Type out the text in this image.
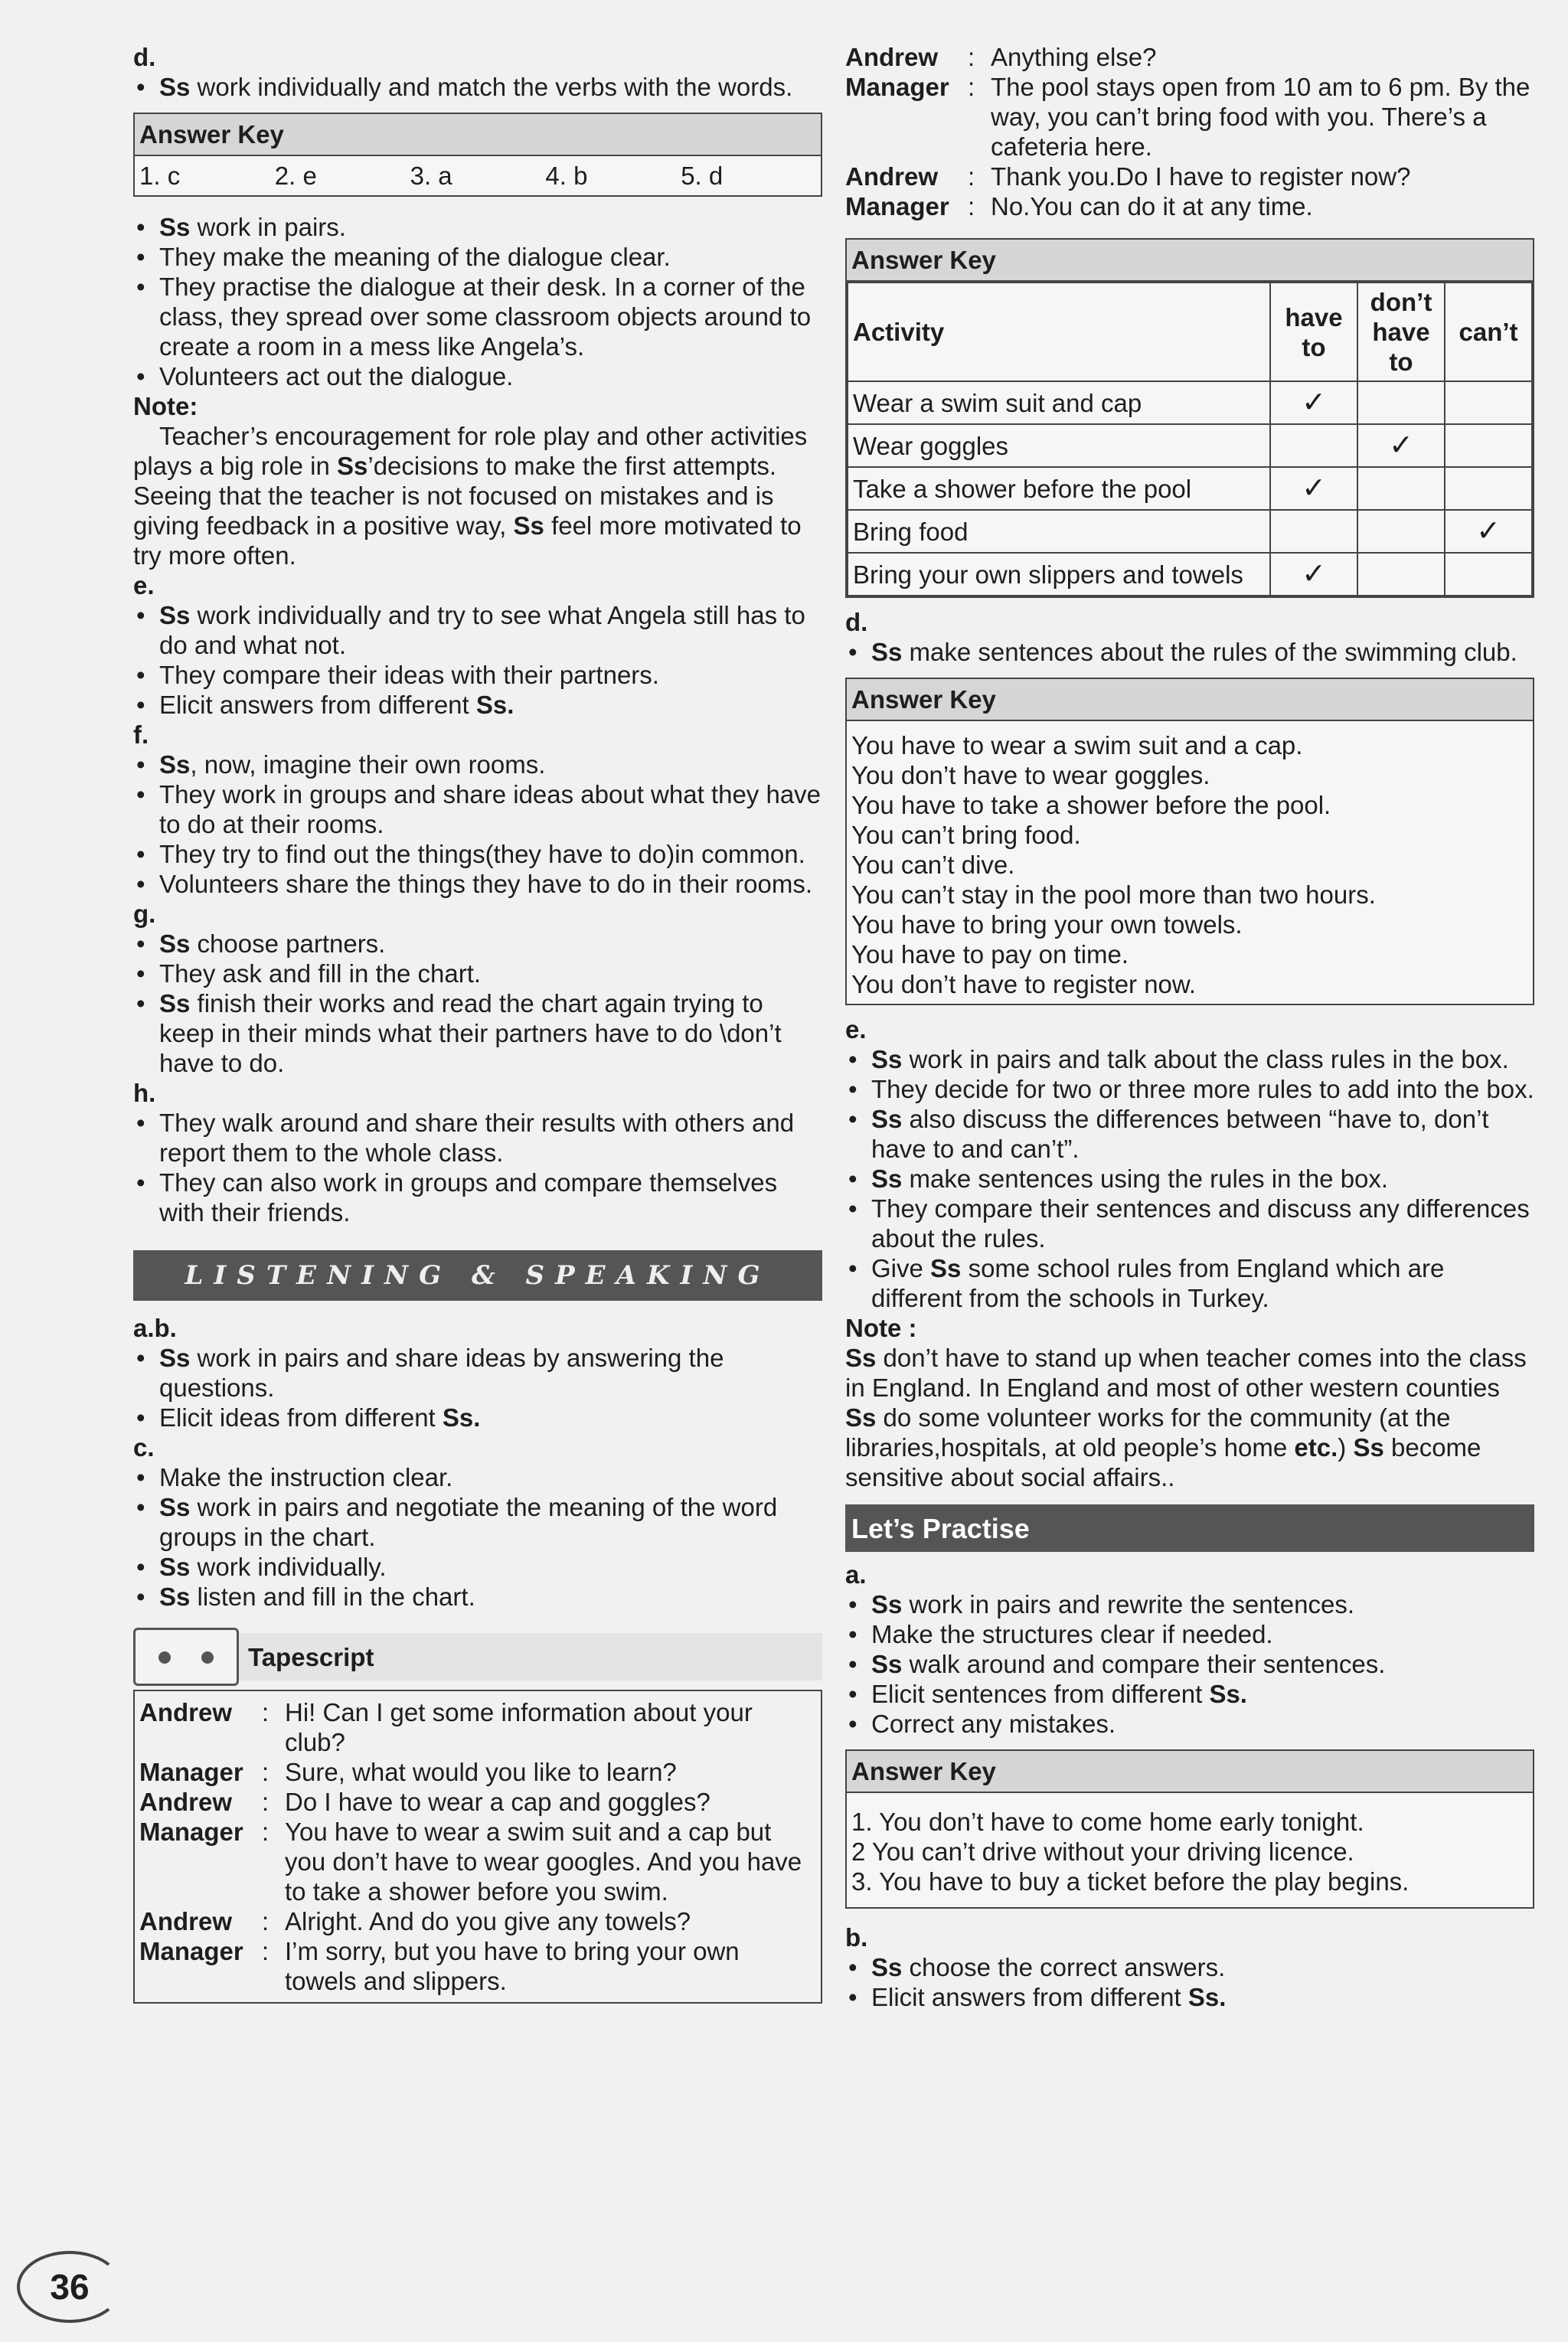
d.

• Ss work individually and match the verbs with the words.
Answer Key
1. c	2. e	3. a	4. b	5. d
• Ss work in pairs.
• They make the meaning of the dialogue clear.
• They practise the dialogue at their desk. In a corner of the class, they spread over some classroom objects around to create a room in a mess like Angela’s.
• Volunteers act out the dialogue.

Note:

Teacher’s encouragement for role play and other activities plays a big role in Ss’decisions to make the first attempts. Seeing that the teacher is not focused on mistakes and is giving feedback in a positive way, Ss feel more motivated to try more often.

e.

• Ss work individually and try to see what Angela still has to do and what not.
• They compare their ideas with their partners.
• Elicit answers from different Ss.

f.

• Ss, now, imagine their own rooms.
• They work in groups and share ideas about what they have to do at their rooms.
• They try to find out the things(they have to do)in common.
• Volunteers share the things they have to do in their rooms.

g.

• Ss choose partners.
• They ask and fill in the chart.
• Ss finish their works and read the chart again trying to keep in their minds what their partners have to do \don’t have to do.

h.

• They walk around and share their results with others and report them to the whole class.
• They can also work in groups and compare themselves with their friends.
LISTENING & SPEAKING

a.b.

• Ss work in pairs and share ideas by answering the questions.
• Elicit ideas from different Ss.

c.

• Make the instruction clear.
• Ss work in pairs and negotiate the meaning of the word groups in the chart.
• Ss work individually.
• Ss listen and fill in the chart.
Tapescript
Andrew	: Hi! Can I get some information about your club?
Manager : Sure, what would you like to learn?
Andrew	: Do I have to wear a cap and goggles?
Manager : You have to wear a swim suit and a cap but you don’t have to wear googles. And you have to take a shower before you swim.
Andrew	: Alright. And do you give any towels?
Manager : I’m sorry, but you have to bring your own towels and slippers.
Andrew	: Anything else?
Manager : The pool stays open from 10 am to 6 pm. By the way, you can’t bring food with you. There’s a cafeteria here.
Andrew	: Thank you.Do I have to register now?
Manager : No.You can do it at any time.
Answer Key
Activity	have to	don’t have to	can’t
Wear a swim suit and cap	✓		
Wear goggles		✓	
Take a shower before the pool	✓		
Bring food			✓
Bring your own slippers and towels	✓		

d.

• Ss make sentences about the rules of the swimming club.
Answer Key
You have to wear a swim suit and a cap.
You don’t have to wear goggles.
You have to take a shower before the pool.
You can’t bring food.
You can’t dive.
You can’t stay in the pool more than two hours.
You have to bring your own towels.
You have to pay on time.
You don’t have to register now.

e.

• Ss work in pairs and talk about the class rules in the box.
• They decide for two or three more rules to add into the box.
• Ss also discuss the differences between “have to, don’t have to and can’t”.
• Ss make sentences using the rules in the box.
• They compare their sentences and discuss any differences about the rules.
• Give Ss some school rules from England which are different from the schools in Turkey.

Note :

Ss don’t have to stand up when teacher comes into the class in England. In England and most of other western counties Ss do some volunteer works for the community (at the libraries,hospitals, at old people’s home etc.) Ss become sensitive about social affairs..

Let’s Practise

a.

• Ss work in pairs and rewrite the sentences.
• Make the structures clear if needed.
• Ss walk around and compare their sentences.
• Elicit sentences from different Ss.
• Correct any mistakes.
Answer Key
1. You don’t have to come home early tonight.
2 You can’t drive without your driving licence.
3. You have to buy a ticket before the play begins.

b.

• Ss choose the correct answers.
• Elicit answers from different Ss.
36
